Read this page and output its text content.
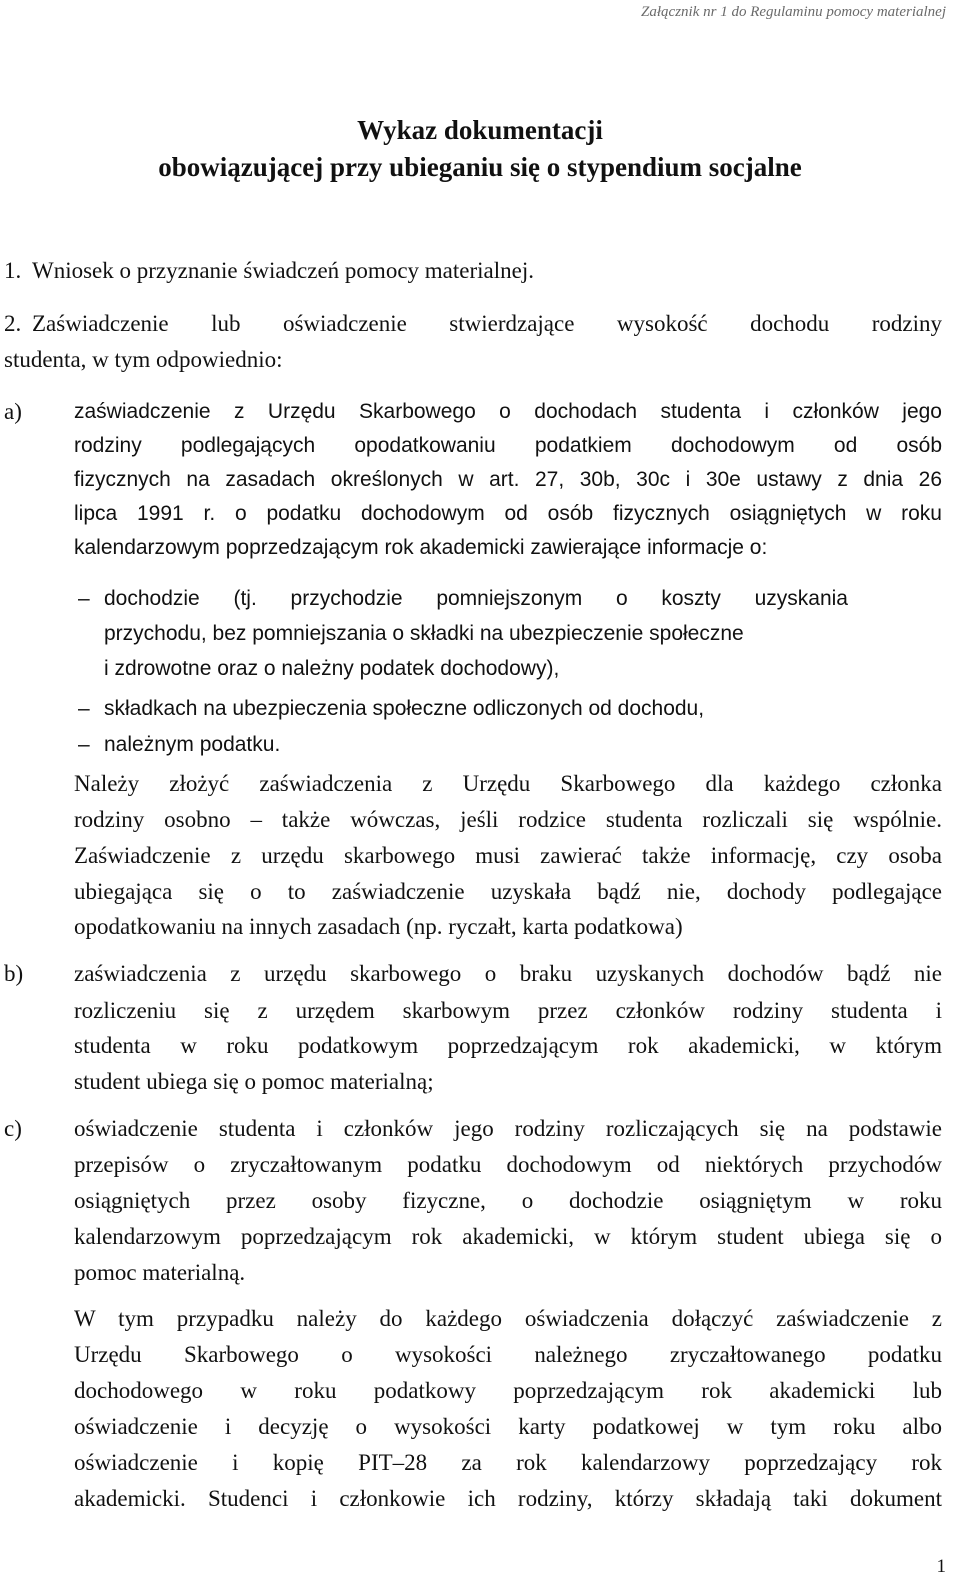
Załącznik nr 1 do Regulaminu pomocy materialnej
Wykaz dokumentacji
obowiązującej przy ubieganiu się o stypendium socjalne
1. Wniosek o przyznanie świadczeń pomocy materialnej.
2. Zaświadczenie lub oświadczenie stwierdzające wysokość dochodu rodziny
studenta, w tym odpowiednio:
a) zaświadczenie z Urzędu Skarbowego o dochodach studenta i członków jego
rodziny podlegających opodatkowaniu podatkiem dochodowym od osób
fizycznych na zasadach określonych w art. 27, 30b, 30c i 30e ustawy z dnia 26
lipca 1991 r. o podatku dochodowym od osób fizycznych osiągniętych w roku
kalendarzowym poprzedzającym rok akademicki zawierające informacje o:
– dochodzie (tj. przychodzie pomniejszonym o koszty uzyskania
przychodu, bez pomniejszania o składki na ubezpieczenie społeczne
i zdrowotne oraz o należny podatek dochodowy),
– składkach na ubezpieczenia społeczne odliczonych od dochodu,
– należnym podatku.
Należy złożyć zaświadczenia z Urzędu Skarbowego dla każdego członka
rodziny osobno – także wówczas, jeśli rodzice studenta rozliczali się wspólnie.
Zaświadczenie z urzędu skarbowego musi zawierać także informację, czy osoba
ubiegająca się o to zaświadczenie uzyskała bądź nie, dochody podlegające
opodatkowaniu na innych zasadach (np. ryczałt, karta podatkowa)
b) zaświadczenia z urzędu skarbowego o braku uzyskanych dochodów bądź nie
rozliczeniu się z urzędem skarbowym przez członków rodziny studenta i
studenta w roku podatkowym poprzedzającym rok akademicki, w którym
student ubiega się o pomoc materialną;
c) oświadczenie studenta i członków jego rodziny rozliczających się na podstawie
przepisów o zryczałtowanym podatku dochodowym od niektórych przychodów
osiągniętych przez osoby fizyczne, o dochodzie osiągniętym w roku
kalendarzowym poprzedzającym rok akademicki, w którym student ubiega się o
pomoc materialną.
W tym przypadku należy do każdego oświadczenia dołączyć zaświadczenie z
Urzędu Skarbowego o wysokości należnego zryczałtowanego podatku
dochodowego w roku podatkowy poprzedzającym rok akademicki lub
oświadczenie i decyzję o wysokości karty podatkowej w tym roku albo
oświadczenie i kopię PIT–28 za rok kalendarzowy poprzedzający rok
akademicki. Studenci i członkowie ich rodziny, którzy składają taki dokument
1
